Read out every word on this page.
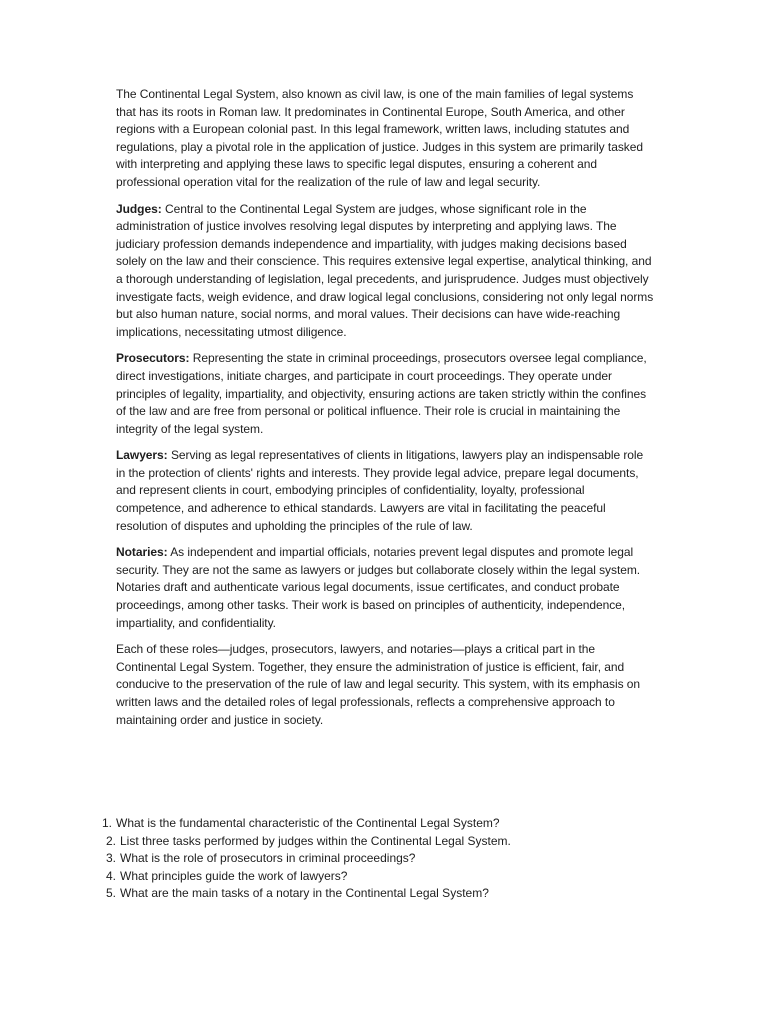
The Continental Legal System, also known as civil law, is one of the main families of legal systems that has its roots in Roman law. It predominates in Continental Europe, South America, and other regions with a European colonial past. In this legal framework, written laws, including statutes and regulations, play a pivotal role in the application of justice. Judges in this system are primarily tasked with interpreting and applying these laws to specific legal disputes, ensuring a coherent and professional operation vital for the realization of the rule of law and legal security.

Judges: Central to the Continental Legal System are judges, whose significant role in the administration of justice involves resolving legal disputes by interpreting and applying laws. The judiciary profession demands independence and impartiality, with judges making decisions based solely on the law and their conscience. This requires extensive legal expertise, analytical thinking, and a thorough understanding of legislation, legal precedents, and jurisprudence. Judges must objectively investigate facts, weigh evidence, and draw logical legal conclusions, considering not only legal norms but also human nature, social norms, and moral values. Their decisions can have wide-reaching implications, necessitating utmost diligence.

Prosecutors: Representing the state in criminal proceedings, prosecutors oversee legal compliance, direct investigations, initiate charges, and participate in court proceedings. They operate under principles of legality, impartiality, and objectivity, ensuring actions are taken strictly within the confines of the law and are free from personal or political influence. Their role is crucial in maintaining the integrity of the legal system.

Lawyers: Serving as legal representatives of clients in litigations, lawyers play an indispensable role in the protection of clients' rights and interests. They provide legal advice, prepare legal documents, and represent clients in court, embodying principles of confidentiality, loyalty, professional competence, and adherence to ethical standards. Lawyers are vital in facilitating the peaceful resolution of disputes and upholding the principles of the rule of law.

Notaries: As independent and impartial officials, notaries prevent legal disputes and promote legal security. They are not the same as lawyers or judges but collaborate closely within the legal system. Notaries draft and authenticate various legal documents, issue certificates, and conduct probate proceedings, among other tasks. Their work is based on principles of authenticity, independence, impartiality, and confidentiality.

Each of these roles—judges, prosecutors, lawyers, and notaries—plays a critical part in the Continental Legal System. Together, they ensure the administration of justice is efficient, fair, and conducive to the preservation of the rule of law and legal security. This system, with its emphasis on written laws and the detailed roles of legal professionals, reflects a comprehensive approach to maintaining order and justice in society.

1. What is the fundamental characteristic of the Continental Legal System?
2. List three tasks performed by judges within the Continental Legal System.
3. What is the role of prosecutors in criminal proceedings?
4. What principles guide the work of lawyers?
5. What are the main tasks of a notary in the Continental Legal System?
